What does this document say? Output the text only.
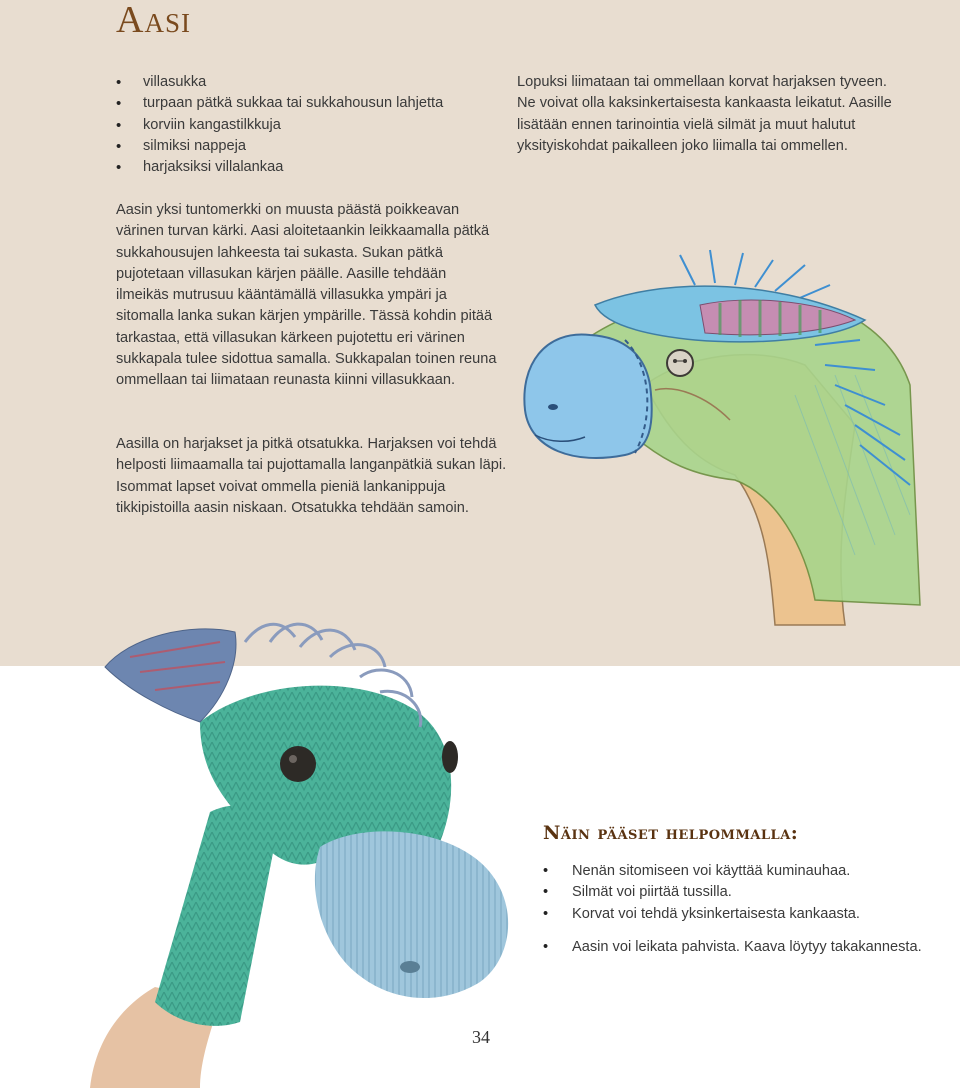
Aasi
• villasukka
• turpaan pätkä sukkaa tai sukkahousun lahjetta
• korviin kangastilkkuja
• silmiksi nappeja
• harjaksiksi villalankaa

Lopuksi liimataan tai ommellaan korvat harjaksen tyveen. Ne voivat olla kaksinkertaisesta kankaasta leikatut. Aasille lisätään ennen tarinointia vielä silmät ja muut halutut yksityiskohdat paikalleen joko liimalla tai ommellen.

Aasin yksi tuntomerkki on muusta päästä poikkeavan värinen turvan kärki. Aasi aloitetaankin leikkaamalla pätkä sukkahousujen lahkeesta tai sukasta. Sukan pätkä pujotetaan villasukan kärjen päälle. Aasille tehdään ilmeikäs mutrusuu kääntämällä villasukka ympäri ja sitomalla lanka sukan kärjen ympärille. Tässä kohdin pitää tarkastaa, että villasukan kärkeen pujotettu eri värinen sukkapala tulee sidottua samalla. Sukkapalan toinen reuna ommellaan tai liimataan reunasta kiinni villasukkaan.

Aasilla on harjakset ja pitkä otsatukka. Harjaksen voi tehdä helposti liimaamalla tai pujottamalla langanpätkiä sukan läpi. Isommat lapset voivat ommella pieniä lankanippuja tikkipistoilla aasin niskaan. Otsatukka tehdään samoin.

Näin pääset helpommalla:
• Nenän sitomiseen voi käyttää kuminauhaa.
• Silmät voi piirtää tussilla.
• Korvat voi tehdä yksinkertaisesta kankaasta.
• Aasin voi leikata pahvista. Kaava löytyy takakannesta.

34
